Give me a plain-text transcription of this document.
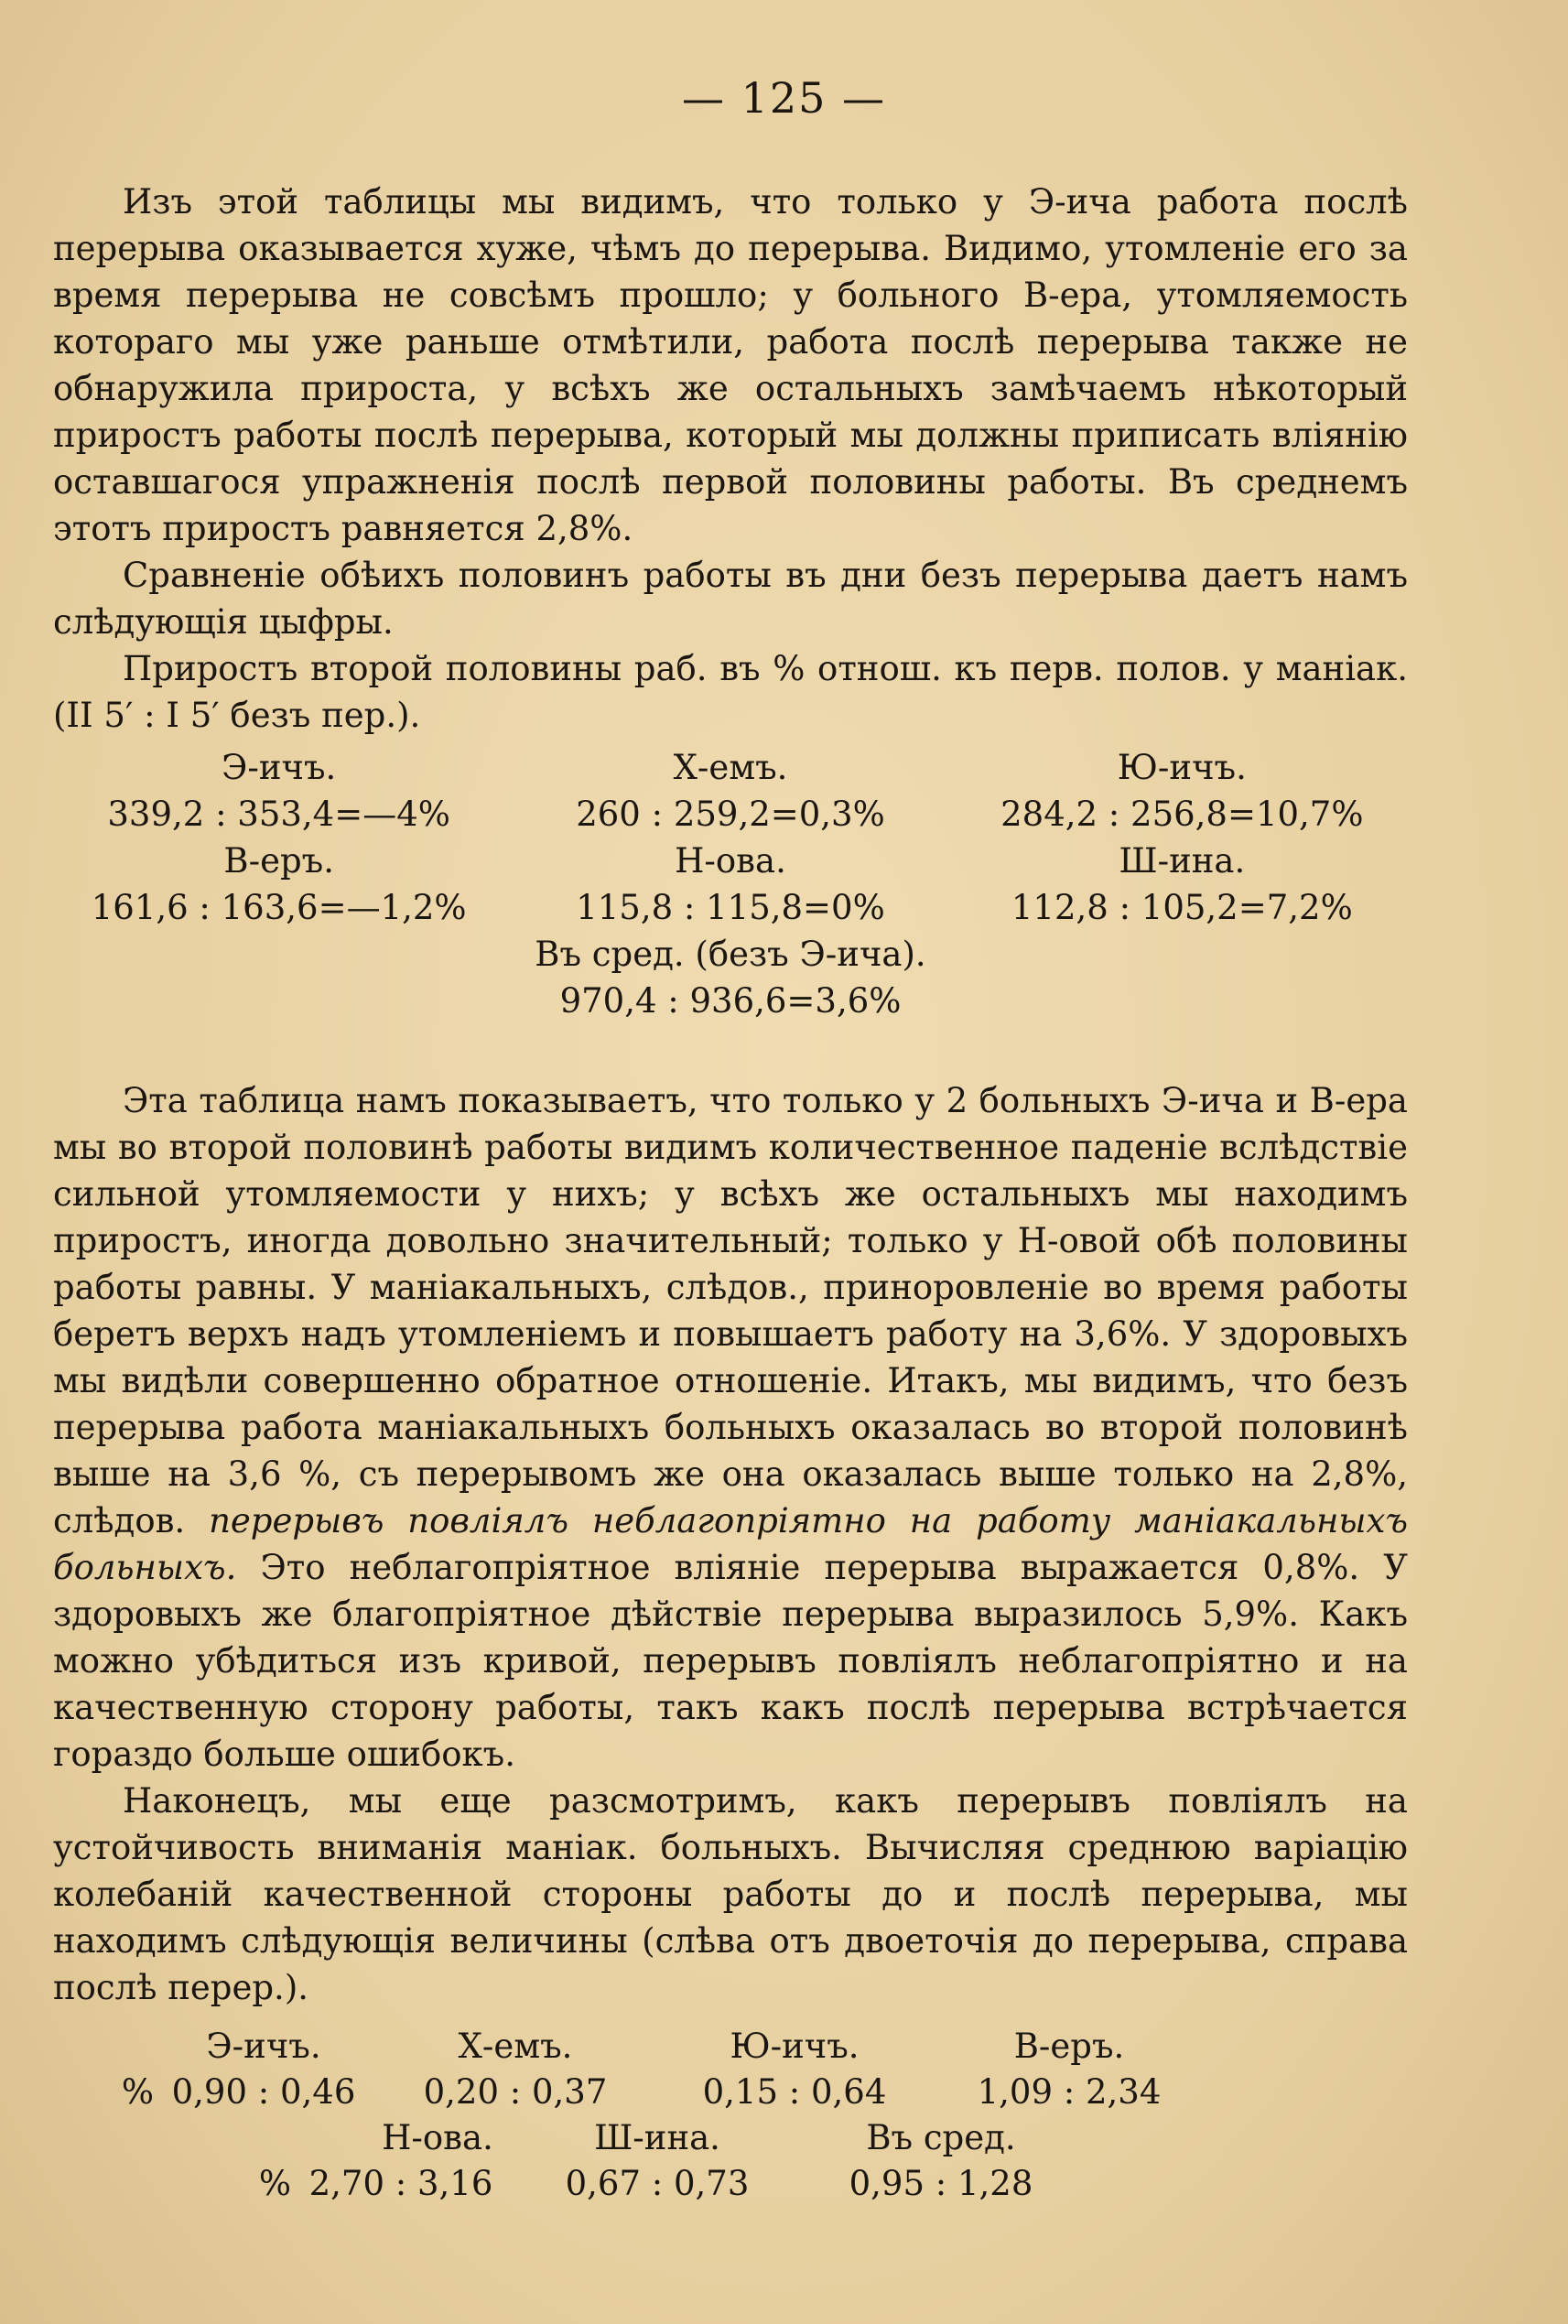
— 125 —

Изъ этой таблицы мы видимъ, что только у Э-ича работа послѣ перерыва оказывается хуже, чѣмъ до перерыва. Видимо, утомленіе его за время перерыва не совсѣмъ прошло; у больного В-ера, утомляемость котораго мы уже раньше отмѣтили, работа послѣ перерыва также не обнаружила прироста, у всѣхъ же остальныхъ замѣчаемъ нѣкоторый приростъ работы послѣ перерыва, который мы должны приписать вліянію оставшагося упражненія послѣ первой половины работы. Въ среднемъ этотъ приростъ равняется 2,8%.

Сравненіе обѣихъ половинъ работы въ дни безъ перерыва даетъ намъ слѣдующія цыфры.

Приростъ второй половины раб. въ % отнош. къ перв. полов. у маніак. (II 5′ : I 5′ безъ пер.).

Э-ичъ.	Х-емъ.	Ю-ичъ.
339,2 : 353,4=—4%	260 : 259,2=0,3%	284,2 : 256,8=10,7%
В-еръ.	Н-ова.	Ш-ина.
161,6 : 163,6=—1,2%	115,8 : 115,8=0%	112,8 : 105,2=7,2%
Въ сред. (безъ Э-ича).
970,4 : 936,6=3,6%

Эта таблица намъ показываетъ, что только у 2 больныхъ Э-ича и В-ера мы во второй половинѣ работы видимъ количественное паденіе вслѣдствіе сильной утомляемости у нихъ; у всѣхъ же остальныхъ мы находимъ приростъ, иногда довольно значительный; только у Н-овой обѣ половины работы равны. У маніакальныхъ, слѣдов., приноровленіе во время работы беретъ верхъ надъ утомленіемъ и повышаетъ работу на 3,6%. У здоровыхъ мы видѣли совершенно обратное отношеніе. Итакъ, мы видимъ, что безъ перерыва работа маніакальныхъ больныхъ оказалась во второй половинѣ выше на 3,6 %, съ перерывомъ же она оказалась выше только на 2,8%, слѣдов. перерывъ повліялъ неблагопріятно на работу маніакальныхъ больныхъ. Это неблагопріятное вліяніе перерыва выражается 0,8%. У здоровыхъ же благопріятное дѣйствіе перерыва выразилось 5,9%. Какъ можно убѣдиться изъ кривой, перерывъ повліялъ неблагопріятно и на качественную сторону работы, такъ какъ послѣ перерыва встрѣчается гораздо больше ошибокъ.

Наконецъ, мы еще разсмотримъ, какъ перерывъ повліялъ на устойчивость вниманія маніак. больныхъ. Вычисляя среднюю варіацію колебаній качественной стороны работы до и послѣ перерыва, мы находимъ слѣдующія величины (слѣва отъ двоеточія до перерыва, справа послѣ перер.).

Э-ичъ.	Х-емъ.	Ю-ичъ.	В-еръ.
% 0,90 : 0,46	0,20 : 0,37	0,15 : 0,64	1,09 : 2,34
Н-ова.	Ш-ина.	Въ сред.
% 2,70 : 3,16	0,67 : 0,73	0,95 : 1,28
